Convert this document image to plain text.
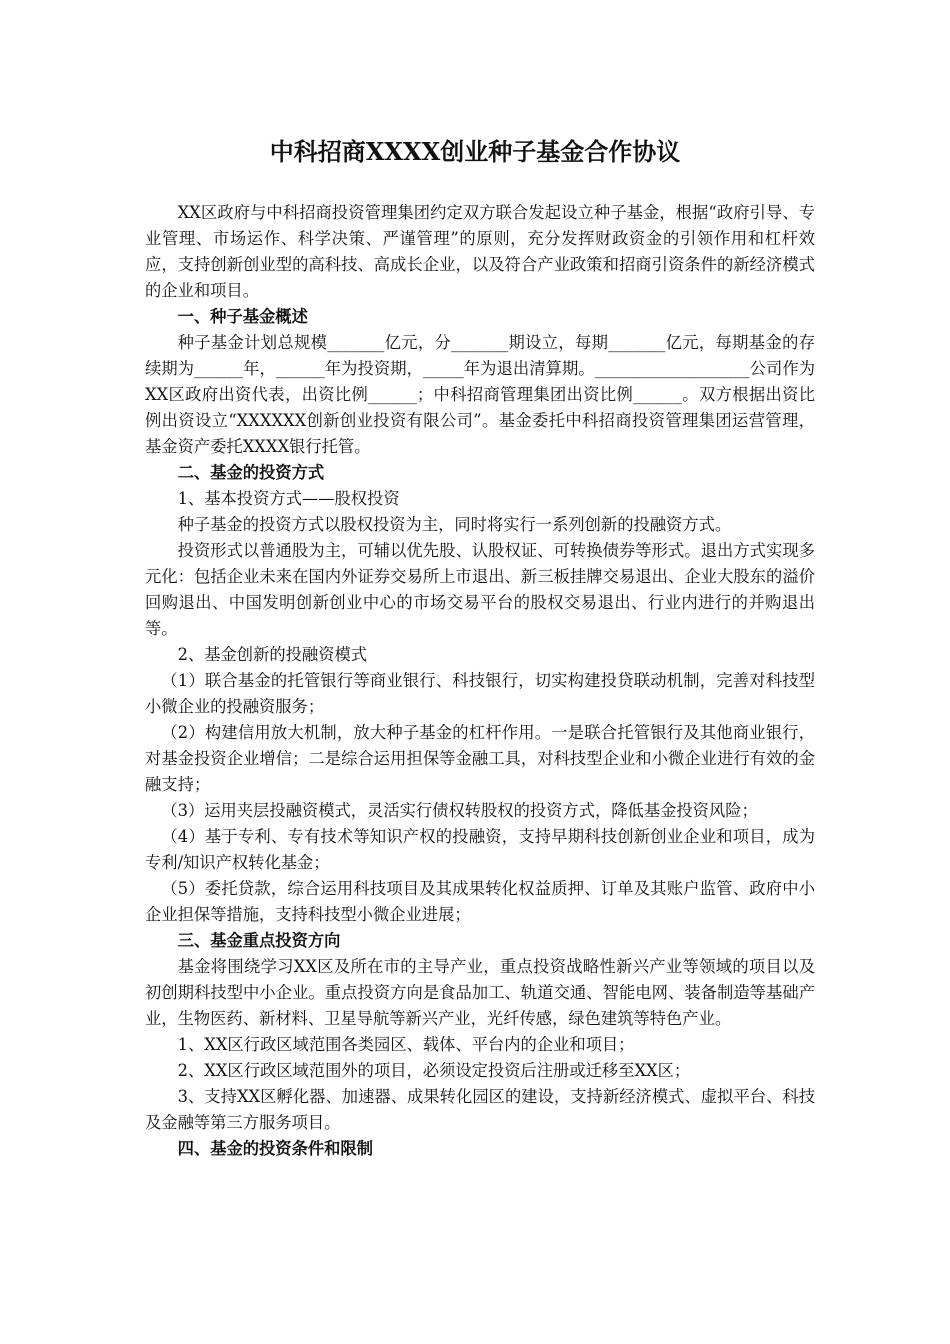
中科招商XXXX创业种子基金合作协议

XX区政府与中科招商投资管理集团约定双方联合发起设立种子基金，根据“政府引导、专业管理、市场运作、科学决策、严谨管理”的原则，充分发挥财政资金的引领作用和杠杆效应，支持创新创业型的高科技、高成长企业，以及符合产业政策和招商引资条件的新经济模式的企业和项目。

一、种子基金概述

种子基金计划总规模_______亿元，分_______期设立，每期_______亿元，每期基金的存续期为______年，______年为投资期，_____年为退出清算期。___________________公司作为XX区政府出资代表，出资比例______；中科招商管理集团出资比例______。双方根据出资比例出资设立“XXXXXX创新创业投资有限公司”。基金委托中科招商投资管理集团运营管理，基金资产委托XXXX银行托管。

二、基金的投资方式

1、基本投资方式——股权投资

种子基金的投资方式以股权投资为主，同时将实行一系列创新的投融资方式。

投资形式以普通股为主，可辅以优先股、认股权证、可转换债券等形式。退出方式实现多元化：包括企业未来在国内外证券交易所上市退出、新三板挂牌交易退出、企业大股东的溢价回购退出、中国发明创新创业中心的市场交易平台的股权交易退出、行业内进行的并购退出等。

2、基金创新的投融资模式

（1）联合基金的托管银行等商业银行、科技银行，切实构建投贷联动机制，完善对科技型小微企业的投融资服务；

（2）构建信用放大机制，放大种子基金的杠杆作用。一是联合托管银行及其他商业银行，对基金投资企业增信；二是综合运用担保等金融工具，对科技型企业和小微企业进行有效的金融支持；

（3）运用夹层投融资模式，灵活实行债权转股权的投资方式，降低基金投资风险；

（4）基于专利、专有技术等知识产权的投融资，支持早期科技创新创业企业和项目，成为专利/知识产权转化基金；

（5）委托贷款，综合运用科技项目及其成果转化权益质押、订单及其账户监管、政府中小企业担保等措施，支持科技型小微企业进展；

三、基金重点投资方向

基金将围绕学习XX区及所在市的主导产业，重点投资战略性新兴产业等领域的项目以及初创期科技型中小企业。重点投资方向是食品加工、轨道交通、智能电网、装备制造等基础产业，生物医药、新材料、卫星导航等新兴产业，光纤传感，绿色建筑等特色产业。

1、XX区行政区域范围各类园区、载体、平台内的企业和项目；

2、XX区行政区域范围外的项目，必须设定投资后注册或迁移至XX区；

3、支持XX区孵化器、加速器、成果转化园区的建设，支持新经济模式、虚拟平台、科技及金融等第三方服务项目。

四、基金的投资条件和限制
